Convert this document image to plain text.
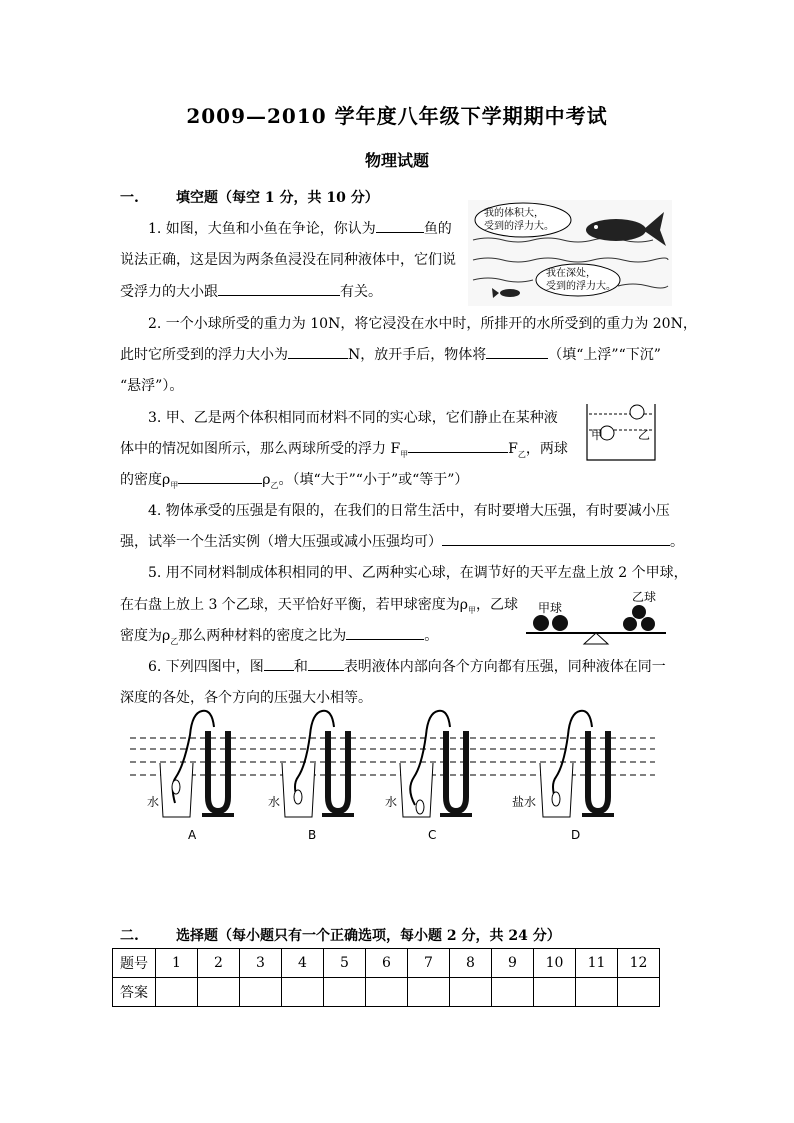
2009—2010 学年度八年级下学期期中考试
物理试题
一.	填空题（每空 1 分，共 10 分）
1. 如图，大鱼和小鱼在争论，你认为	鱼的
说法正确，这是因为两条鱼浸没在同种液体中，它们说
受浮力的大小跟	有关。
我的体积大，
受到的浮力大。
我在深处，
受到的浮力大。
2. 一个小球所受的重力为 10N，将它浸没在水中时，所排开的水所受到的重力为 20N，
此时它所受到的浮力大小为	N，放开手后，物体将	（填“上浮”“下沉”
“悬浮”）。
3. 甲、乙是两个体积相同而材料不同的实心球，它们静止在某种液
体中的情况如图所示，那么两球所受的浮力 $F_甲$	$F_乙$，两球
的密度$\rho_甲$	$\rho_乙$。（填“大于”“小于”或“等于”）
甲	乙
4. 物体承受的压强是有限的，在我们的日常生活中，有时要增大压强，有时要减小压
强，试举一个生活实例（增大压强或减小压强均可）	。
5. 用不同材料制成体积相同的甲、乙两种实心球，在调节好的天平左盘上放 2 个甲球，
在右盘上放上 3 个乙球，天平恰好平衡，若甲球密度为$\rho_甲$，乙球
密度为$\rho_乙$那么两种材料的密度之比为	。
甲球
乙球
6. 下列四图中，图 和	表明液体内部向各个方向都有压强，同种液体在同一
深度的各处，各个方向的压强大小相等。
水
A
水
B
水
C
盐水
D
二.	选择题（每小题只有一个正确选项，每小题 2 分，共 24 分）
题号	1	2	3	4	5	6	7	8	9	10	11	12
答案												
